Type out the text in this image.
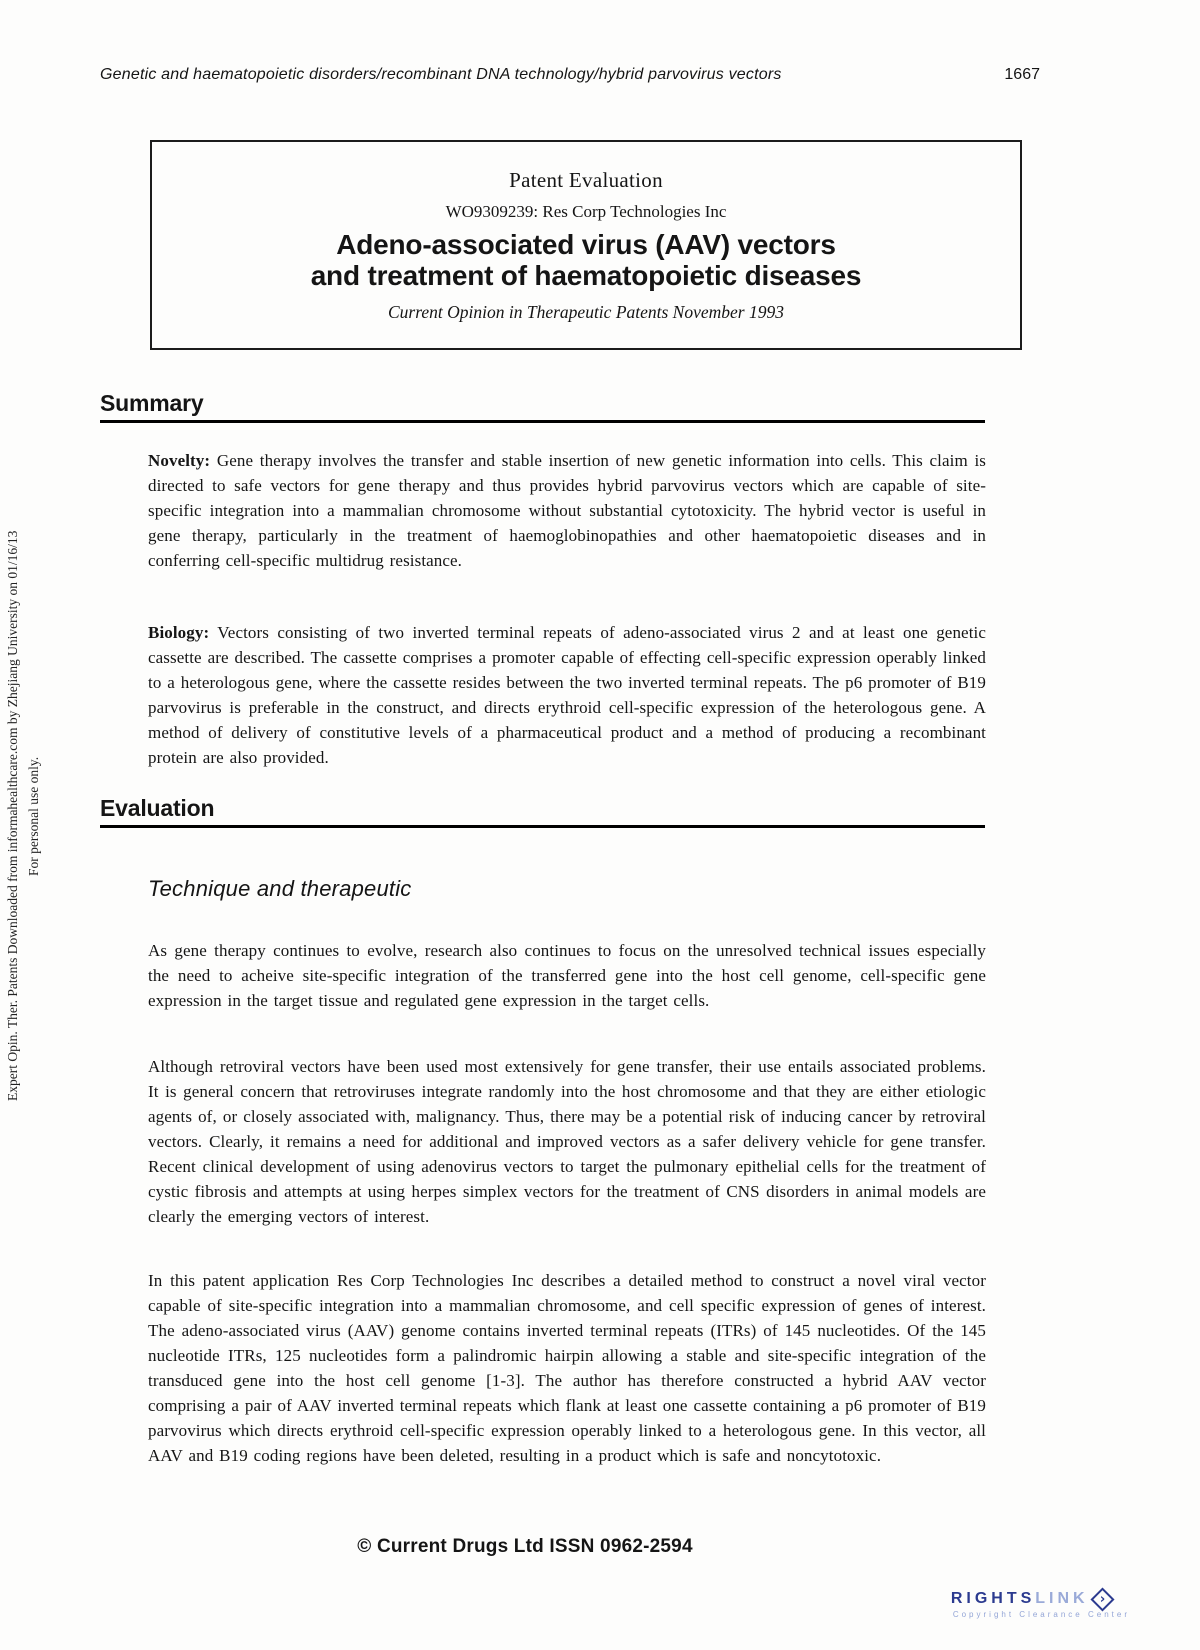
Genetic and haematopoietic disorders/recombinant DNA technology/hybrid parvovirus vectors	1667
Patent Evaluation
WO9309239: Res Corp Technologies Inc
Adeno-associated virus (AAV) vectors
and treatment of haematopoietic diseases
Current Opinion in Therapeutic Patents November 1993
Summary

Novelty: Gene therapy involves the transfer and stable insertion of new genetic information into cells. This claim is directed to safe vectors for gene therapy and thus provides hybrid parvovirus vectors which are capable of site-specific integration into a mammalian chromosome without substantial cytotoxicity. The hybrid vector is useful in gene therapy, particularly in the treatment of haemoglobinopathies and other haematopoietic diseases and in conferring cell-specific multidrug resistance.

Biology: Vectors consisting of two inverted terminal repeats of adeno-associated virus 2 and at least one genetic cassette are described. The cassette comprises a promoter capable of effecting cell-specific expression operably linked to a heterologous gene, where the cassette resides between the two inverted terminal repeats. The p6 promoter of B19 parvovirus is preferable in the construct, and directs erythroid cell-specific expression of the heterologous gene. A method of delivery of constitutive levels of a pharmaceutical product and a method of producing a recombinant protein are also provided.

Evaluation
Technique and therapeutic

As gene therapy continues to evolve, research also continues to focus on the unresolved technical issues especially the need to acheive site-specific integration of the transferred gene into the host cell genome, cell-specific gene expression in the target tissue and regulated gene expression in the target cells.

Although retroviral vectors have been used most extensively for gene transfer, their use entails associated problems. It is general concern that retroviruses integrate randomly into the host chromosome and that they are either etiologic agents of, or closely associated with, malignancy. Thus, there may be a potential risk of inducing cancer by retroviral vectors. Clearly, it remains a need for additional and improved vectors as a safer delivery vehicle for gene transfer. Recent clinical development of using adenovirus vectors to target the pulmonary epithelial cells for the treatment of cystic fibrosis and attempts at using herpes simplex vectors for the treatment of CNS disorders in animal models are clearly the emerging vectors of interest.

In this patent application Res Corp Technologies Inc describes a detailed method to construct a novel viral vector capable of site-specific integration into a mammalian chromosome, and cell specific expression of genes of interest. The adeno-associated virus (AAV) genome contains inverted terminal repeats (ITRs) of 145 nucleotides. Of the 145 nucleotide ITRs, 125 nucleotides form a palindromic hairpin allowing a stable and site-specific integration of the transduced gene into the host cell genome [1-3]. The author has therefore constructed a hybrid AAV vector comprising a pair of AAV inverted terminal repeats which flank at least one cassette containing a p6 promoter of B19 parvovirus which directs erythroid cell-specific expression operably linked to a heterologous gene. In this vector, all AAV and B19 coding regions have been deleted, resulting in a product which is safe and noncytotoxic.

© Current Drugs Ltd ISSN 0962-2594
RIGHTS LINK ›
Copyright Clearance Center
Expert Opin. Ther. Patents Downloaded from informahealthcare.com by Zhejiang University on 01/16/13 For personal use only.
